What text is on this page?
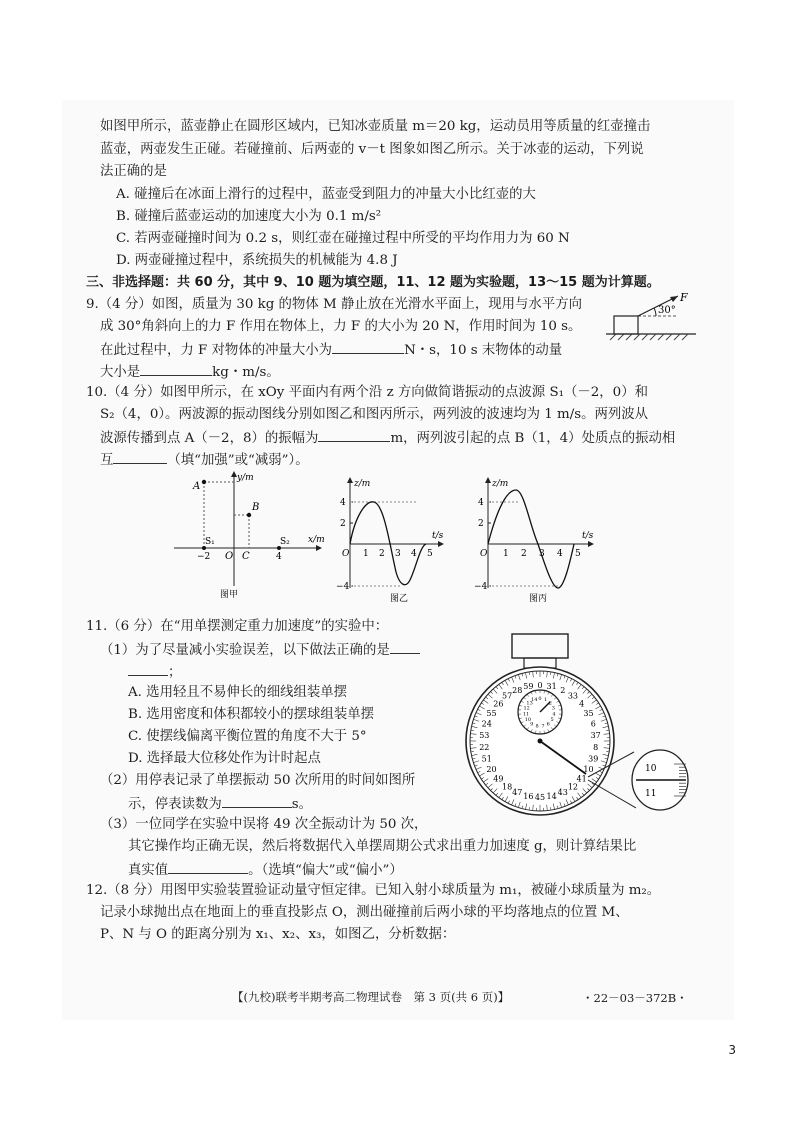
如图甲所示，蓝壶静止在圆形区域内，已知冰壶质量 m＝20 kg，运动员用等质量的红壶撞击
蓝壶，两壶发生正碰。若碰撞前、后两壶的 v－t 图象如图乙所示。关于冰壶的运动，下列说
法正确的是
A. 碰撞后在冰面上滑行的过程中，蓝壶受到阻力的冲量大小比红壶的大
B. 碰撞后蓝壶运动的加速度大小为 0.1 m/s²
C. 若两壶碰撞时间为 0.2 s，则红壶在碰撞过程中所受的平均作用力为 60 N
D. 两壶碰撞过程中，系统损失的机械能为 4.8 J
三、非选择题：共 60 分，其中 9、10 题为填空题，11、12 题为实验题，13～15 题为计算题。
9.（4 分）如图，质量为 30 kg 的物体 M 静止放在光滑水平面上，现用与水平方向
成 30°角斜向上的力 F 作用在物体上，力 F 的大小为 20 N，作用时间为 10 s。
在此过程中，力 F 对物体的冲量大小为	N・s，10 s 末物体的动量
大小是	kg・m/s。
F
30°
10.（4 分）如图甲所示，在 xOy 平面内有两个沿 z 方向做简谐振动的点波源 S₁（－2，0）和
S₂（4，0）。两波源的振动图线分别如图乙和图丙所示，两列波的波速均为 1 m/s。两列波从
波源传播到点 A（－2，8）的振幅为	m，两列波引起的点 B（1，4）处质点的振动相
互	（填“加强”或“减弱”）。
A
B
C
O
S₁	S₂
−2	4
y/m
x/m
图甲
4
2
−4
O 1 2 3 4 5
z/m
t/s
图乙
4
2
−4
O 1 2 3 4 5
z/m
t/s
图丙
11.（6 分）在“用单摆测定重力加速度”的实验中：
（1）为了尽量减小实验误差，以下做法正确的是
；
A. 选用轻且不易伸长的细线组装单摆
B. 选用密度和体积都较小的摆球组装单摆
C. 使摆线偏离平衡位置的角度不大于 5°
D. 选择最大位移处作为计时起点
（2）用停表记录了单摆振动 50 次所用的时间如图所
示，停表读数为	s。
（3）一位同学在实验中误将 49 次全振动计为 50 次，
其它操作均正确无误，然后将数据代入单摆周期公式求出重力加速度 g，则计算结果比
真实值	。（选填“偏大”或“偏小”）
31 2
33
4
35
6
37
8
39
10
41
12
43
14
45
16
47
18
49
20
51
22
53
24
55
26
57
28 59 0
0 1
2
3
4
5
6
7
8
9
10
11
12
13
14
10
11
12.（8 分）用图甲实验装置验证动量守恒定律。已知入射小球质量为 m₁，被碰小球质量为 m₂。
记录小球抛出点在地面上的垂直投影点 O，测出碰撞前后两小球的平均落地点的位置 M、
P、N 与 O 的距离分别为 x₁、x₂、x₃，如图乙，分析数据：
【(九校)联考半期考高二物理试卷　第 3 页(共 6 页)】	・22－03－372B・
3
